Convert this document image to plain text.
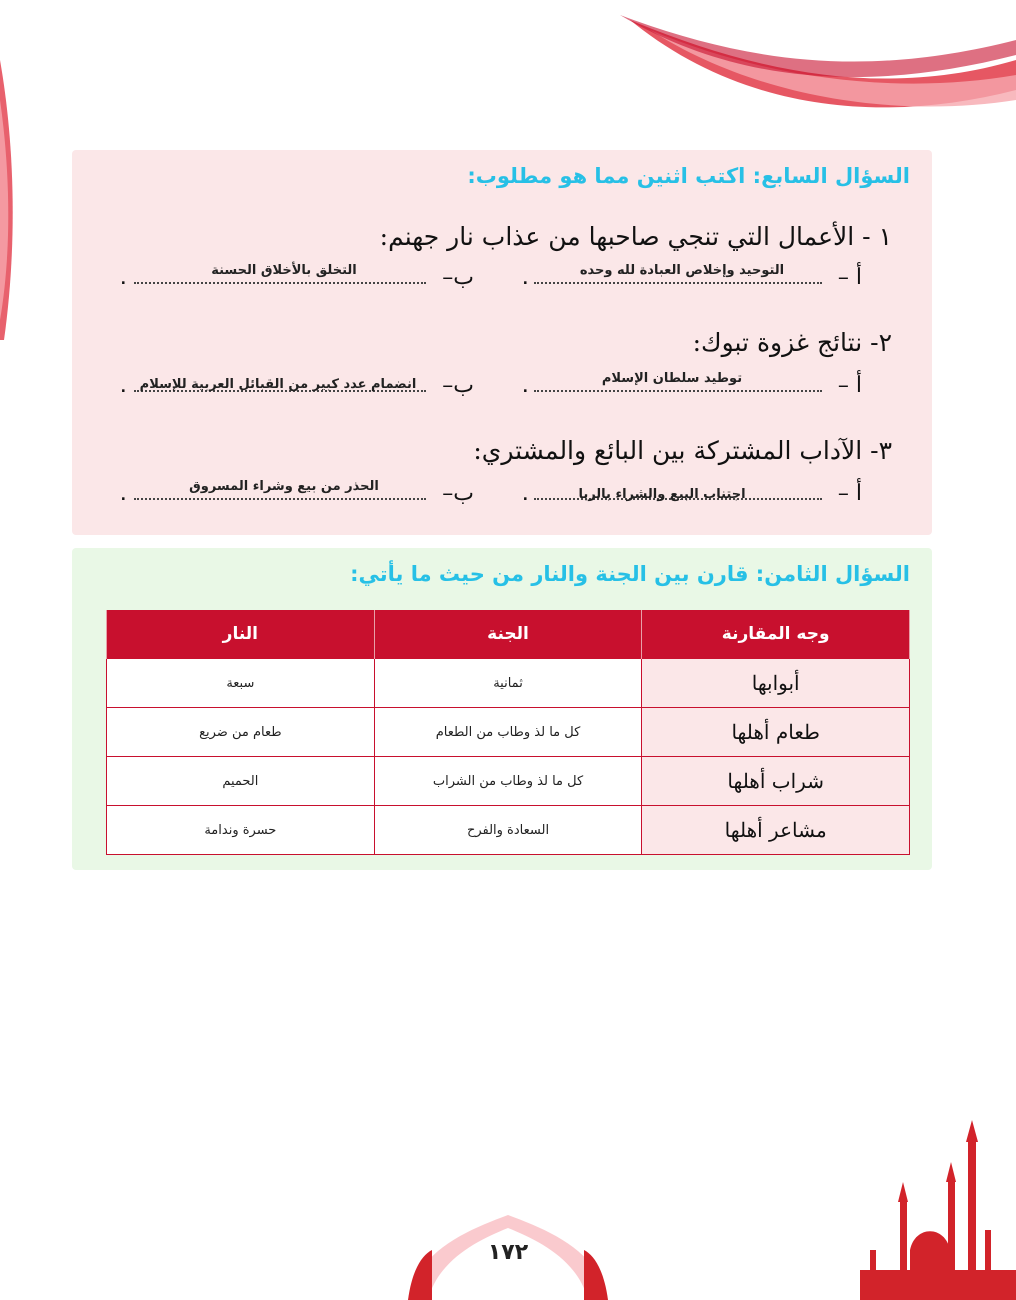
السؤال السابع: اكتب اثنين مما هو مطلوب:
١ - الأعمال التي تنجي صاحبها من عذاب نار جهنم:
أ –
.
التوحيد وإخلاص العبادة لله وحده
ب–
.
التخلق بالأخلاق الحسنة
٢- نتائج غزوة تبوك:
أ –
.
توطيد سلطان الإسلام
ب–
.	انضمام عدد كبير من القبائل العربية للإسلام
٣- الآداب المشتركة بين البائع والمشتري:
أ –
.	اجتناب البيع والشراء بالربا
ب–
.
الحذر من بيع وشراء المسروق
السؤال الثامن: قارن بين الجنة والنار من حيث ما يأتي:
وجه المقارنة	الجنة	النار
أبوابها	ثمانية	سبعة
طعام أهلها	كل ما لذ وطاب من الطعام	طعام من ضريع
شراب أهلها	كل ما لذ وطاب من الشراب	الحميم
مشاعر أهلها	السعادة والفرح	حسرة وندامة
١٧٢
